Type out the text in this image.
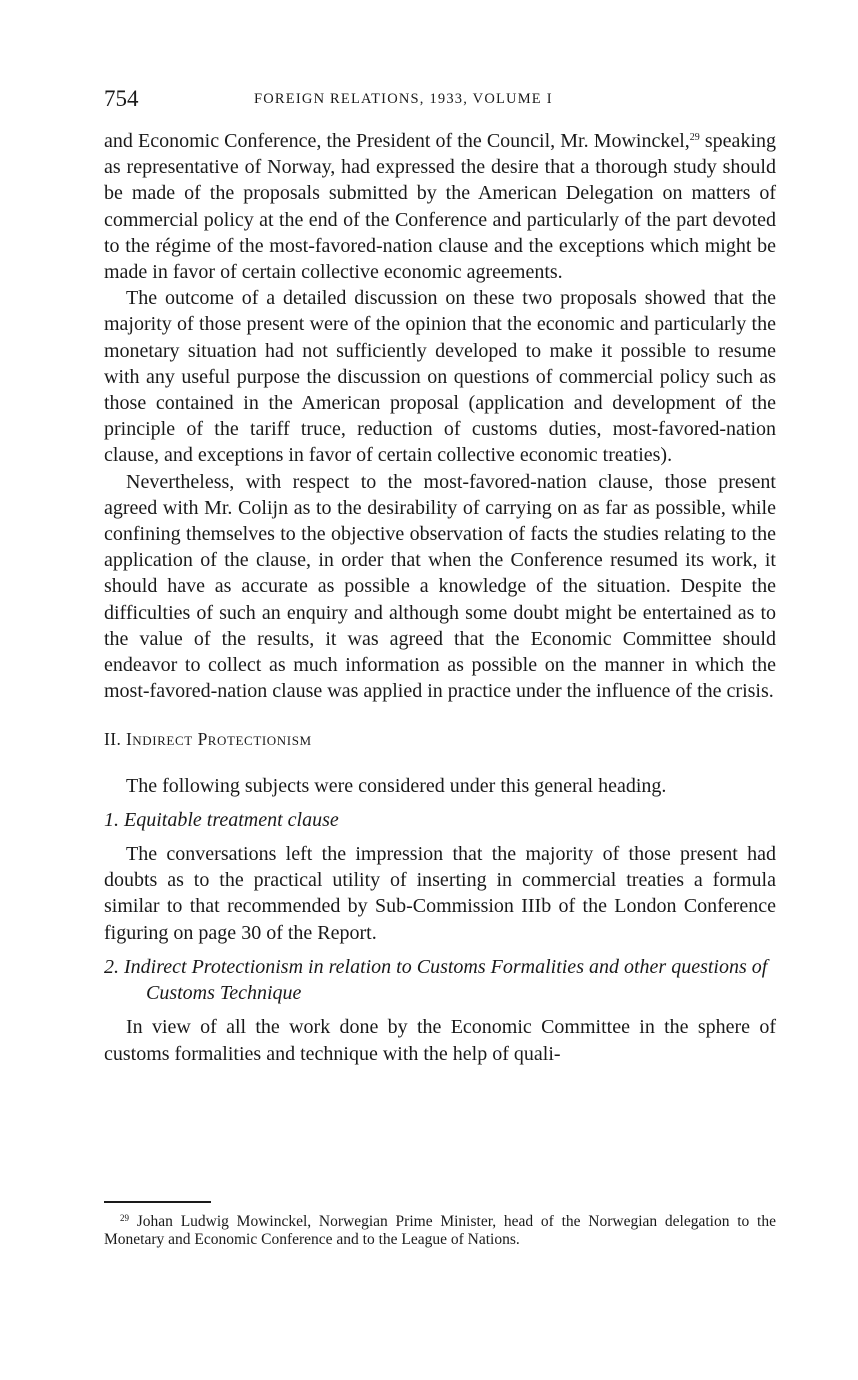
754	FOREIGN RELATIONS, 1933, VOLUME I

and Economic Conference, the President of the Council, Mr. Mowinckel,$^{29}$ speaking as representative of Norway, had expressed the desire that a thorough study should be made of the proposals submitted by the American Delegation on matters of commercial policy at the end of the Conference and particularly of the part devoted to the régime of the most-favored-nation clause and the exceptions which might be made in favor of certain collective economic agreements.

The outcome of a detailed discussion on these two proposals showed that the majority of those present were of the opinion that the economic and particularly the monetary situation had not sufficiently developed to make it possible to resume with any useful purpose the discussion on questions of commercial policy such as those contained in the American proposal (application and development of the principle of the tariff truce, reduction of customs duties, most-favored-nation clause, and exceptions in favor of certain collective economic treaties).

Nevertheless, with respect to the most-favored-nation clause, those present agreed with Mr. Colijn as to the desirability of carrying on as far as possible, while confining themselves to the objective observation of facts the studies relating to the application of the clause, in order that when the Conference resumed its work, it should have as accurate as possible a knowledge of the situation. Despite the difficulties of such an enquiry and although some doubt might be entertained as to the value of the results, it was agreed that the Economic Committee should endeavor to collect as much information as possible on the manner in which the most-favored-nation clause was applied in practice under the influence of the crisis.

II. INDIRECT PROTECTIONISM

The following subjects were considered under this general heading.

1. Equitable treatment clause

The conversations left the impression that the majority of those present had doubts as to the practical utility of inserting in commercial treaties a formula similar to that recommended by Sub-Commission IIIb of the London Conference figuring on page 30 of the Report.

2. Indirect Protectionism in relation to Customs Formalities and other questions of Customs Technique

In view of all the work done by the Economic Committee in the sphere of customs formalities and technique with the help of quali-

$^{29}$ Johan Ludwig Mowinckel, Norwegian Prime Minister, head of the Norwegian delegation to the Monetary and Economic Conference and to the League of Nations.
